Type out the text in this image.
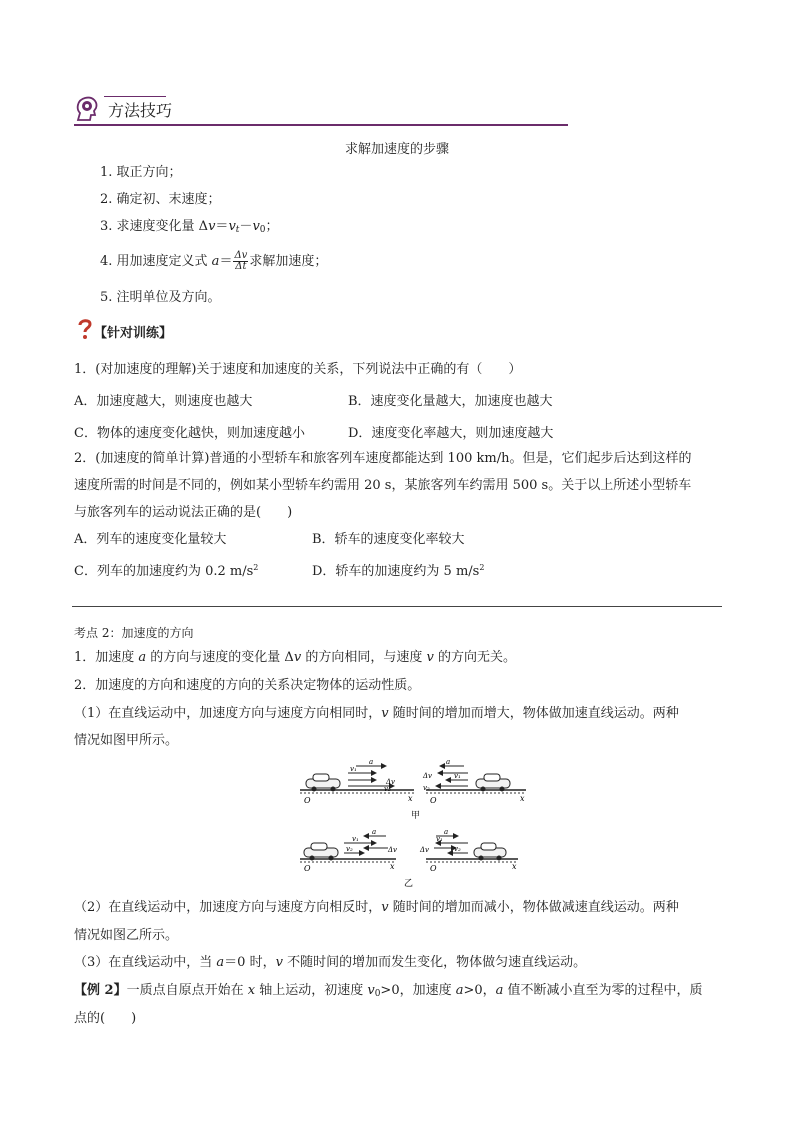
方法技巧
求解加速度的步骤
1. 取正方向；
2. 确定初、末速度；
3. 求速度变化量 $\Delta v=v_t-v_0$；
4. 用加速度定义式 $a= \frac{\Delta v}{\Delta t}$ 求解加速度；
5. 注明单位及方向。
【针对训练】
1．(对加速度的理解)关于速度和加速度的关系，下列说法中正确的有（　　）
A．加速度越大，则速度也越大	B．速度变化量越大，加速度也越大
C．物体的速度变化越快，则加速度越小	D．速度变化率越大，则加速度越大
2．(加速度的简单计算)普通的小型轿车和旅客列车速度都能达到 100 km/h。但是，它们起步后达到这样的
速度所需的时间是不同的，例如某小型轿车约需用 20 s，某旅客列车约需用 500 s。关于以上所述小型轿车
与旅客列车的运动说法正确的是(　　)
A．列车的速度变化量较大	B．轿车的速度变化率较大
C．列车的加速度约为 0.2 $m/s^2$	D．轿车的加速度约为 5 $m/s^2$
考点 2：加速度的方向
1．加速度 a 的方向与速度的变化量 Δv 的方向相同，与速度 v 的方向无关。
2．加速度的方向和速度的方向的关系决定物体的运动性质。
（1）在直线运动中，加速度方向与速度方向相同时，v 随时间的增加而增大，物体做加速直线运动。两种
情况如图甲所示。
O	x
a
v₁
Δv
v₂
O	x
a
v₁
Δv
v₂
甲
O	x
a
v₁
v₂	Δv
O	x
a
v₁
v₂
Δv
乙
（2）在直线运动中，加速度方向与速度方向相反时，v 随时间的增加而减小，物体做减速直线运动。两种
情况如图乙所示。
（3）在直线运动中，当 a＝0 时，v 不随时间的增加而发生变化，物体做匀速直线运动。
【例 2】一质点自原点开始在 x 轴上运动，初速度 $v_0>0$，加速度 a>0，a 值不断减小直至为零的过程中，质
点的(　　)
